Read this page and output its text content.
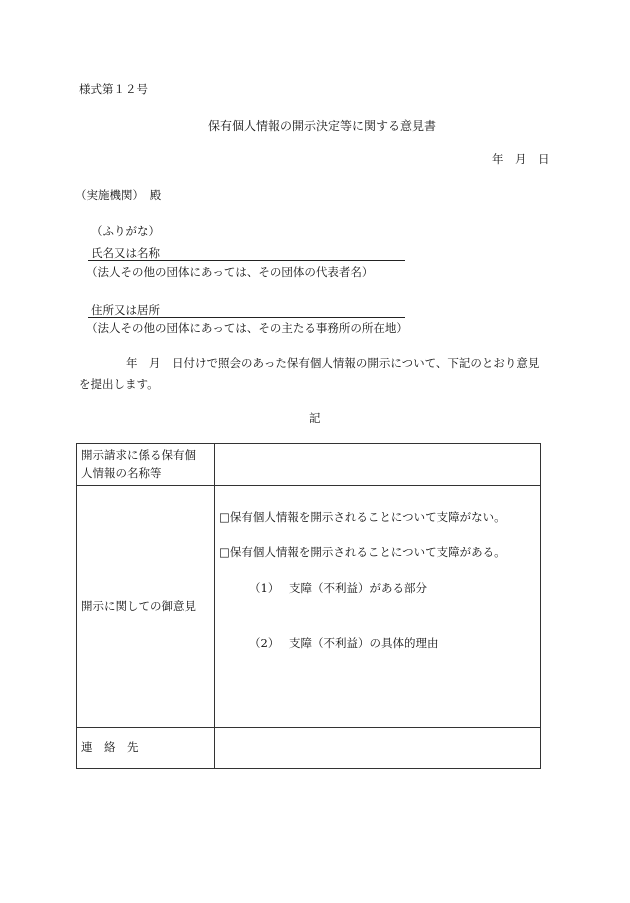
様式第１２号
保有個人情報の開示決定等に関する意見書
年　月　日
（実施機関）　殿
（ふりがな）
氏名又は名称
（法人その他の団体にあっては、その団体の代表者名）
住所又は居所
（法人その他の団体にあっては、その主たる事務所の所在地）
年　月　日付けで照会のあった保有個人情報の開示について、下記のとおり意見
を提出します。
記
開示請求に係る保有個
人情報の名称等	

開示に関しての御意見	□保有個人情報を開示されることについて支障がない。
□保有個人情報を開示されることについて支障がある。
（1） 支障（不利益）がある部分
（2） 支障（不利益）の具体的理由

連　絡　先	
